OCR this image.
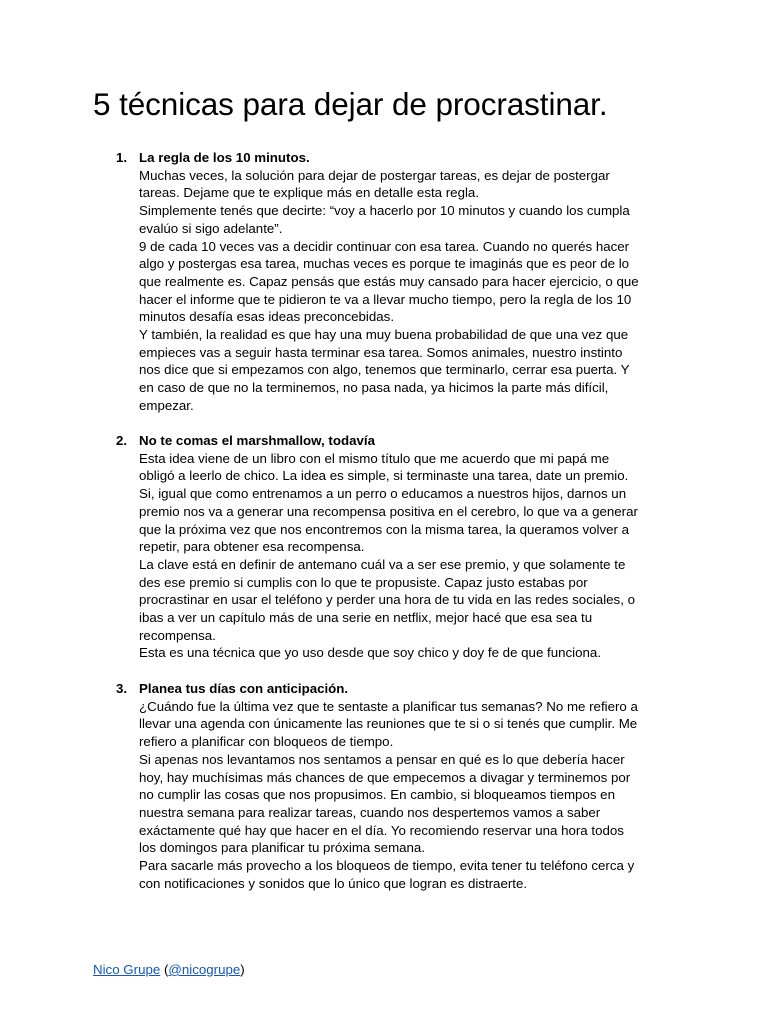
5 técnicas para dejar de procrastinar.
1. La regla de los 10 minutos.
Muchas veces, la solución para dejar de postergar tareas, es dejar de postergar
tareas. Dejame que te explique más en detalle esta regla.
Simplemente tenés que decirte: “voy a hacerlo por 10 minutos y cuando los cumpla
evalúo si sigo adelante”.
9 de cada 10 veces vas a decidir continuar con esa tarea. Cuando no querés hacer
algo y postergas esa tarea, muchas veces es porque te imaginás que es peor de lo
que realmente es. Capaz pensás que estás muy cansado para hacer ejercicio, o que
hacer el informe que te pidieron te va a llevar mucho tiempo, pero la regla de los 10
minutos desafía esas ideas preconcebidas.
Y también, la realidad es que hay una muy buena probabilidad de que una vez que
empieces vas a seguir hasta terminar esa tarea. Somos animales, nuestro instinto
nos dice que si empezamos con algo, tenemos que terminarlo, cerrar esa puerta. Y
en caso de que no la terminemos, no pasa nada, ya hicimos la parte más difícil,
empezar.
2. No te comas el marshmallow, todavía
Esta idea viene de un libro con el mismo título que me acuerdo que mi papá me
obligó a leerlo de chico. La idea es simple, si terminaste una tarea, date un premio.
Si, igual que como entrenamos a un perro o educamos a nuestros hijos, darnos un
premio nos va a generar una recompensa positiva en el cerebro, lo que va a generar
que la próxima vez que nos encontremos con la misma tarea, la queramos volver a
repetir, para obtener esa recompensa.
La clave está en definir de antemano cuál va a ser ese premio, y que solamente te
des ese premio si cumplis con lo que te propusiste. Capaz justo estabas por
procrastinar en usar el teléfono y perder una hora de tu vida en las redes sociales, o
ibas a ver un capítulo más de una serie en netflix, mejor hacé que esa sea tu
recompensa.
Esta es una técnica que yo uso desde que soy chico y doy fe de que funciona.
3. Planea tus días con anticipación.
¿Cuándo fue la última vez que te sentaste a planificar tus semanas? No me refiero a
llevar una agenda con únicamente las reuniones que te si o si tenés que cumplir. Me
refiero a planificar con bloqueos de tiempo.
Si apenas nos levantamos nos sentamos a pensar en qué es lo que debería hacer
hoy, hay muchísimas más chances de que empecemos a divagar y terminemos por
no cumplir las cosas que nos propusimos. En cambio, si bloqueamos tiempos en
nuestra semana para realizar tareas, cuando nos despertemos vamos a saber
exáctamente qué hay que hacer en el día. Yo recomiendo reservar una hora todos
los domingos para planificar tu próxima semana.
Para sacarle más provecho a los bloqueos de tiempo, evita tener tu teléfono cerca y
con notificaciones y sonidos que lo único que logran es distraerte.
Nico Grupe (@nicogrupe)
